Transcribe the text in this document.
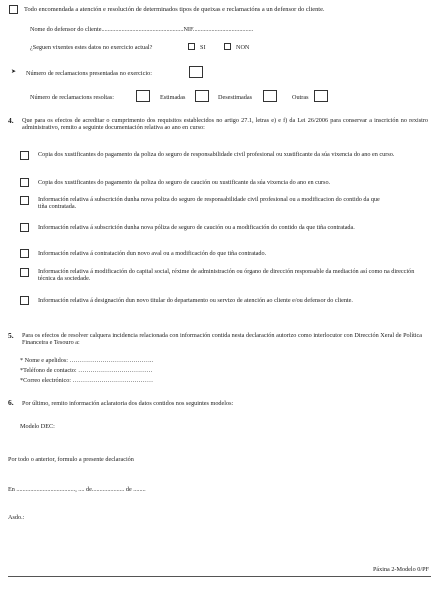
Todo encomendada a atención e resolución de determinados tipos de queixas e reclamacións a un defensor do cliente.
Nome do defensor do cliente.....................................................NIF.......................................
¿Seguen vixentes estes datos no exercicio actual?	SI	NON
➤ Número de reclamacions presentadas no exercicio:
Número de reclamacions resoltas:	Estimadas	Desestimadas	Outras
4. Que para os efectos de acreditar o cumprimento dos requisitos establecidos no artigo 27.1, letras e) e f) da Lei 26/2006 para conservar a inscrición no rexistro administrativo, remito a seguinte documentación relativa ao ano en curso:
Copia dos xustificantes do pagamento da poliza do seguro de responsabilidade civil profesional ou xustificante da súa vixencia do ano en curso.
Copia dos xustificantes do pagamento da poliza do seguro de caución ou xustificante da súa vixencia do ano en curso.
Información relativa á subscrición dunha nova poliza do seguro de responsabilidade civil profesional ou a modificacion do contido da que tiña contratada.
Información relativa á subscrición dunha nova póliza de seguro de caución ou a modificación do contido da que tiña contratada.
Información relativa á contratación dun novo aval ou a modificación do que tiña contratado.
Información relativa á modificación do capital social, réxime de administración ou órgano de dirección responsable da mediación así como na dirección técnica da sociedade.
Información relativa á designación dun novo titular do departamento ou servizo de atención ao cliente e/ou defensor do cliente.
5. Para os efectos de resolver calquera incidencia relacionada con información contida nesta declaración autorizo como interlocutor con Dirección Xeral de Política Financeira e Tesouro a:
* Nome e apelidos: …………………………………..
*Teléfono de contacto: ………………………………
*Correo electrónico: …………………………………
6. Por último, remito información aclaratoria dos datos contidos nos seguintes modelos:
Modelo DEC:
Por todo o anterior, formulo a presente declaración
En ......................................, .... de..................... de ........
Asdo.:
Páxina 2-Modelo 0/PF
